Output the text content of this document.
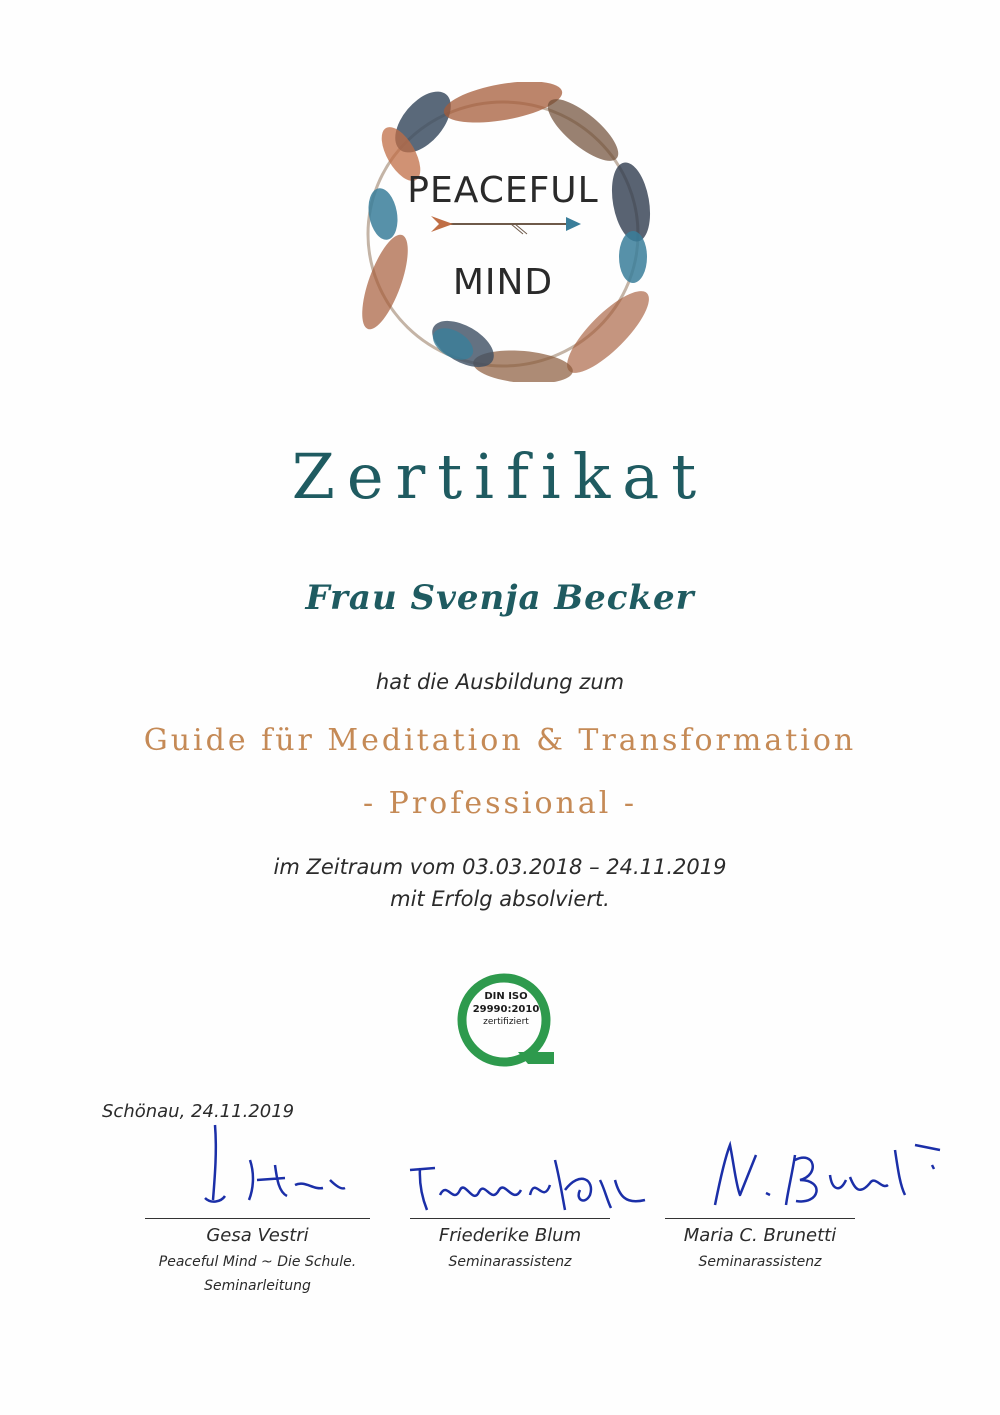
PEACEFUL
MIND
Zertifikat
Frau Svenja Becker
hat die Ausbildung zum
Guide für Meditation & Transformation
- Professional -
im Zeitraum vom 03.03.2018 – 24.11.2019
mit Erfolg absolviert.
DIN ISO
29990:2010
zertifiziert
Schönau, 24.11.2019
Gesa Vestri
Peaceful Mind ~ Die Schule.
Seminarleitung
Friederike Blum
Seminarassistenz
Maria C. Brunetti
Seminarassistenz
